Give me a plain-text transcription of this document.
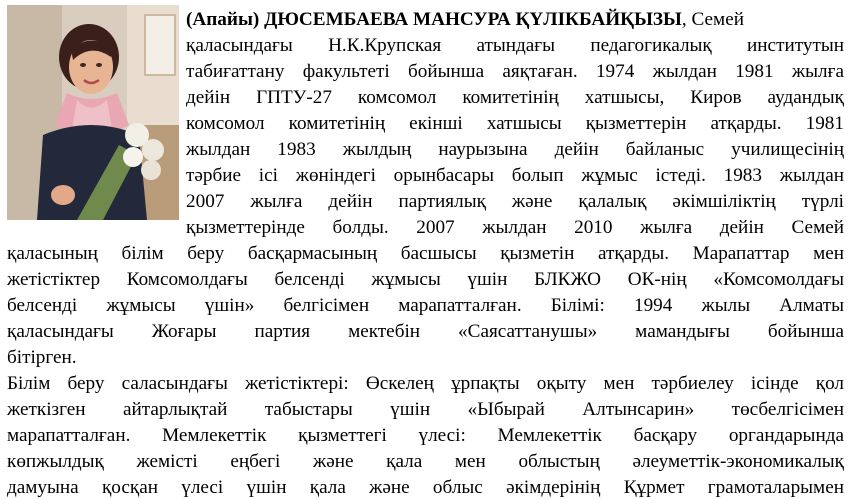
(Апайы) ДЮСЕМБАЕВА МАНСУРА ҚҮЛІКБАЙҚЫЗЫ, Семей

қаласындағы Н.К.Крупская атындағы педагогикалық институтын

табиғаттану факультеті бойынша аяқтаған. 1974 жылдан 1981 жылға

дейін ГПТУ-27 комсомол комитетінің хатшысы, Киров аудандық

комсомол комитетінің екінші хатшысы қызметтерін атқарды. 1981

жылдан 1983 жылдың наурызына дейін байланыс училищесінің

тәрбие ісі жөніндегі орынбасары болып жұмыс істеді. 1983 жылдан

2007 жылға дейін партиялық және қалалық әкімшіліктің түрлі

қызметтерінде болды. 2007 жылдан 2010 жылға дейін Семей

қаласының білім беру басқармасының басшысы қызметін атқарды. Марапаттар мен

жетістіктер Комсомолдағы белсенді жұмысы үшін БЛКЖО ОК-нің «Комсомолдағы

белсенді жұмысы үшін» белгісімен марапатталған. Білімі: 1994 жылы Алматы

қаласындағы Жоғары партия мектебін «Саясаттанушы» мамандығы бойынша

бітірген.

Білім беру саласындағы жетістіктері: Өскелең ұрпақты оқыту мен тәрбиелеу ісінде қол

жеткізген айтарлықтай табыстары үшін «Ыбырай Алтынсарин» төсбелгісімен

марапатталған. Мемлекеттік қызметтегі үлесі: Мемлекеттік басқару органдарында

көпжылдық жемісті еңбегі және қала мен облыстың әлеуметтік-экономикалық

дамуына қосқан үлесі үшін қала және облыс әкімдерінің Құрмет грамоталарымен
